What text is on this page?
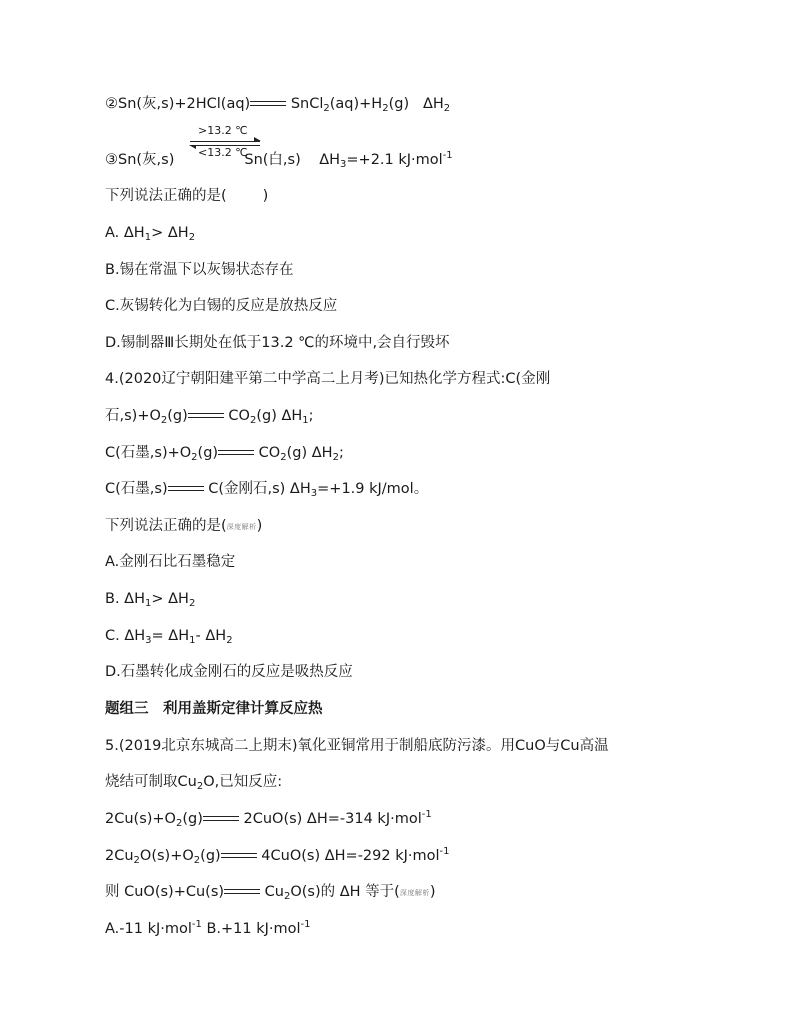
②Sn(灰,s)+2HCl(aq) $SnCl_2(aq)+H_2(g)$ $\Delta H_2$
>13.2 ℃
<13.2 ℃
③Sn(灰,s)	Sn(白,s) $\Delta H_3=+2.1$ kJ·mol$^{-1}$
下列说法正确的是( )
A. $\Delta H_1> \Delta H_2$
B.锡在常温下以灰锡状态存在
C.灰锡转化为白锡的反应是放热反应
D.锡制器Ⅲ长期处在低于13.2 ℃的环境中,会自行毁坏
4.(2020辽宁朝阳建平第二中学高二上月考)已知热化学方程式:C(金刚
石$,s)+O_2(g)$ $CO_2(g)$ $\Delta H_1$;
C(石墨$,s)+O_2(g)$ $CO_2(g)$ $\Delta H_2$;
C(石墨,s) C(金刚石,s) $\Delta H_3=+1.9$ kJ/mol。
下列说法正确的是(深度解析)
A.金刚石比石墨稳定
B. $\Delta H_1> \Delta H_2$
C. $\Delta H_3= \Delta H_1-$ $\Delta H_2$
D.石墨转化成金刚石的反应是吸热反应
题组三　利用盖斯定律计算反应热
5.(2019北京东城高二上期末)氧化亚铜常用于制船底防污漆。用CuO与Cu高温
烧结可制取$Cu_2O$,已知反应:
$2Cu(s)+O_2(g)$ 2CuO(s) ΔH=-314 kJ·mol$^{-1}$
$2Cu_2O(s)+O_2(g)$ 4CuO(s) ΔH=-292 kJ·mol$^{-1}$
则 CuO(s)+Cu(s) $Cu_2O(s)$的 ΔH 等于(深度解析)
A.-11 kJ·mol$^{-1}$ B.+11 kJ·mol$^{-1}$
